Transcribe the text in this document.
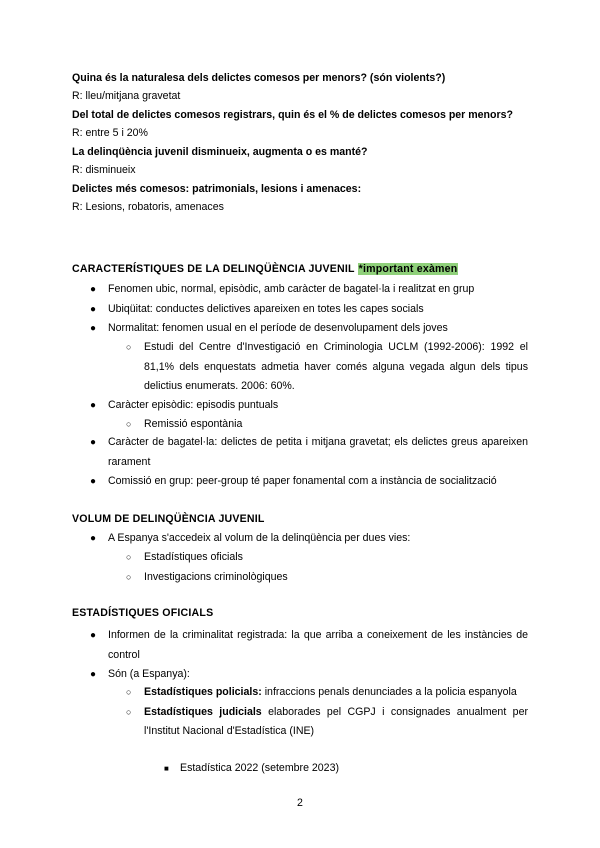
Quina és la naturalesa dels delictes comesos per menors? (són violents?)
R: lleu/mitjana gravetat
Del total de delictes comesos registrars, quin és el % de delictes comesos per menors?
R: entre 5 i 20%
La delinqüència juvenil disminueix, augmenta o es manté?
R: disminueix
Delictes més comesos: patrimonials, lesions i amenaces:
R: Lesions, robatoris, amenaces
CARACTERÍSTIQUES DE LA DELINQÜÈNCIA JUVENIL *important exàmen
● Fenomen ubic, normal, episòdic, amb caràcter de bagatel·la i realitzat en grup
● Ubiqüitat: conductes delictives apareixen en totes les capes socials
● Normalitat: fenomen usual en el període de desenvolupament dels joves
○ Estudi del Centre d'Investigació en Criminologia UCLM (1992-2006): 1992 el 81,1% dels enquestats admetia haver comés alguna vegada algun dels tipus delictius enumerats. 2006: 60%.
● Caràcter episòdic: episodis puntuals
○ Remissió espontània
● Caràcter de bagatel·la: delictes de petita i mitjana gravetat; els delictes greus apareixen rarament
● Comissió en grup: peer-group té paper fonamental com a instància de socialització
VOLUM DE DELINQÜÈNCIA JUVENIL
● A Espanya s'accedeix al volum de la delinqüència per dues vies:
○ Estadístiques oficials
○ Investigacions criminològiques
ESTADÍSTIQUES OFICIALS
● Informen de la criminalitat registrada: la que arriba a coneixement de les instàncies de control
● Són (a Espanya):
○ Estadístiques policials: infraccions penals denunciades a la policia espanyola
○ Estadístiques judicials elaborades pel CGPJ i consignades anualment per l'Institut Nacional d'Estadística (INE)
■ Estadística 2022 (setembre 2023)
2
